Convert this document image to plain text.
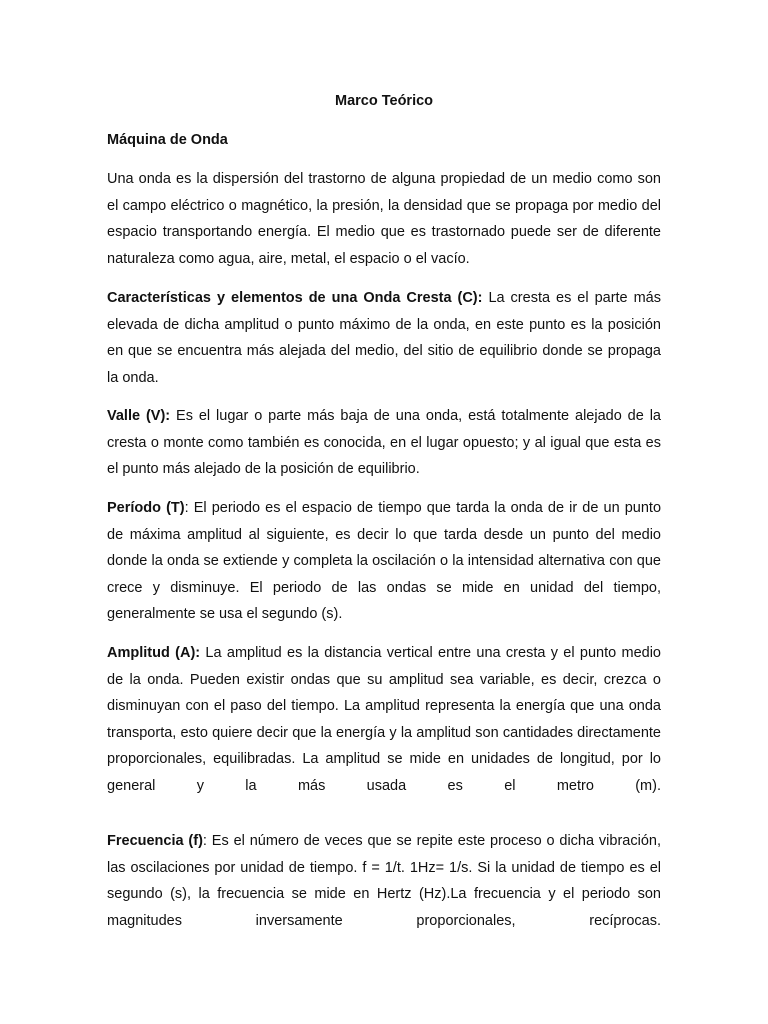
Marco Teórico
Máquina de Onda

Una onda es la dispersión del trastorno de alguna propiedad de un medio como son el campo eléctrico o magnético, la presión, la densidad que se propaga por medio del espacio transportando energía. El medio que es trastornado puede ser de diferente naturaleza como agua, aire, metal, el espacio o el vacío.

Características y elementos de una Onda Cresta (C): La cresta es el parte más elevada de dicha amplitud o punto máximo de la onda, en este punto es la posición en que se encuentra más alejada del medio, del sitio de equilibrio donde se propaga la onda.

Valle (V): Es el lugar o parte más baja de una onda, está totalmente alejado de la cresta o monte como también es conocida, en el lugar opuesto; y al igual que esta es el punto más alejado de la posición de equilibrio.

Período (T): El periodo es el espacio de tiempo que tarda la onda de ir de un punto de máxima amplitud al siguiente, es decir lo que tarda desde un punto del medio donde la onda se extiende y completa la oscilación o la intensidad alternativa con que crece y disminuye. El periodo de las ondas se mide en unidad del tiempo, generalmente se usa el segundo (s).

Amplitud (A): La amplitud es la distancia vertical entre una cresta y el punto medio de la onda. Pueden existir ondas que su amplitud sea variable, es decir, crezca o disminuyan con el paso del tiempo. La amplitud representa la energía que una onda transporta, esto quiere decir que la energía y la amplitud son cantidades directamente proporcionales, equilibradas. La amplitud se mide en unidades de longitud, por lo general y la más usada es el metro (m).

Frecuencia (f): Es el número de veces que se repite este proceso o dicha vibración, las oscilaciones por unidad de tiempo. f = 1/t. 1Hz= 1/s. Si la unidad de tiempo es el segundo (s), la frecuencia se mide en Hertz (Hz).La frecuencia y el periodo son magnitudes inversamente proporcionales, recíprocas.
